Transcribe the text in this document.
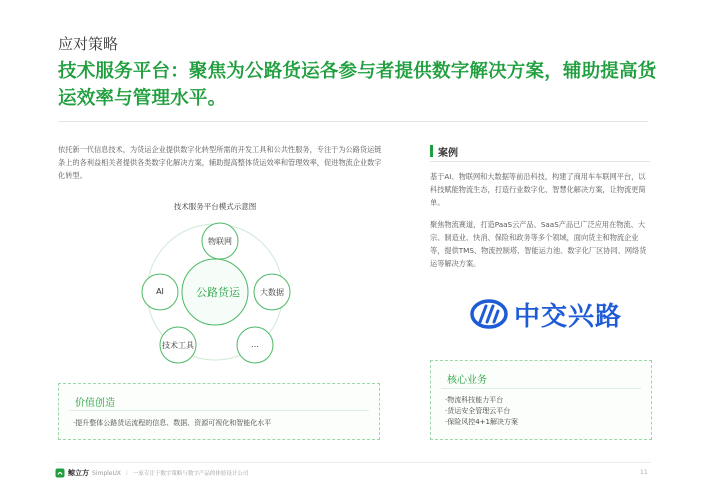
应对策略
技术服务平台：聚焦为公路货运各参与者提供数字解决方案，辅助提高货运效率与管理水平。
依托新一代信息技术，为货运企业提供数字化转型所需的开发工具和公共性服务，专注于为公路货运链条上的各利益相关者提供各类数字化解决方案，辅助提高整体货运效率和管理效率，促进物流企业数字化转型。
技术服务平台模式示意图
公路货运
物联网
大数据
…
技术工具
AI
价值创造
·提升整体公路货运流程的信息、数据、资源可视化和智能化水平
案例
基于AI、物联网和大数据等前沿科技，构建了商用车车联网平台，以科技赋能物流生态，打造行业数字化、智慧化解决方案，让物流更简单。
聚焦物流赛道，打造PaaS云产品、SaaS产品已广泛应用在物流、大宗、制造业、快消、保险和政务等多个领域，面向货主和物流企业等，提供TMS、物流控制塔、智能运力池、数字化厂区协同、网络货运等解决方案。
中交兴路
核心业务
·物流科技能力平台
·货运安全管理云平台
·保险风控4+1解决方案
鲸立方 SimpleUX | 一家专注于数字策略与数字产品的体验设计公司	11
